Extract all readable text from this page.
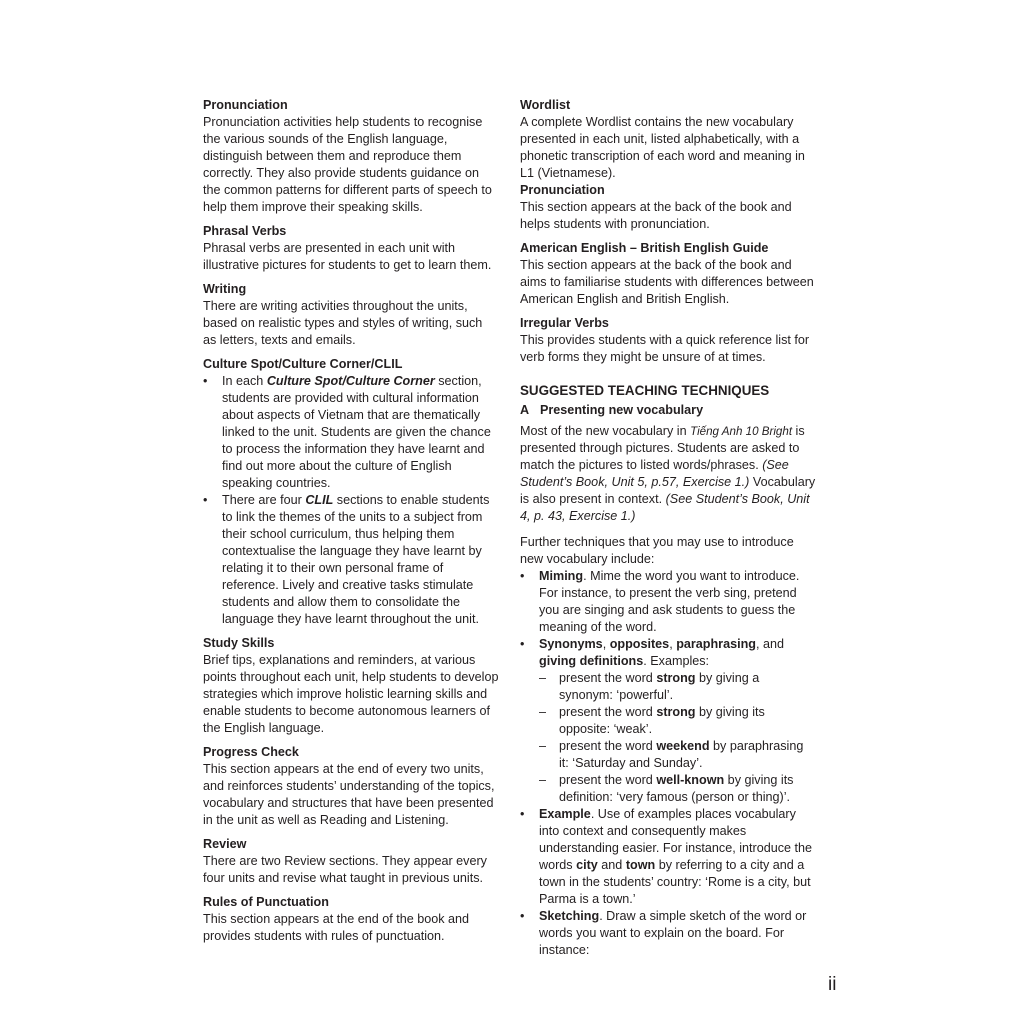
Pronunciation

Pronunciation activities help students to recognise the various sounds of the English language, distinguish between them and reproduce them correctly. They also provide students guidance on the common patterns for different parts of speech to help them improve their speaking skills.

Phrasal Verbs

Phrasal verbs are presented in each unit with illustrative pictures for students to get to learn them.

Writing

There are writing activities throughout the units, based on realistic types and styles of writing, such as letters, texts and emails.

Culture Spot/Culture Corner/CLIL

• In each Culture Spot/Culture Corner section, students are provided with cultural information about aspects of Vietnam that are thematically linked to the unit. Students are given the chance to process the information they have learnt and find out more about the culture of English speaking countries.
• There are four CLIL sections to enable students to link the themes of the units to a subject from their school curriculum, thus helping them contextualise the language they have learnt by relating it to their own personal frame of reference. Lively and creative tasks stimulate students and allow them to consolidate the language they have learnt throughout the unit.

Study Skills

Brief tips, explanations and reminders, at various points throughout each unit, help students to develop strategies which improve holistic learning skills and enable students to become autonomous learners of the English language.

Progress Check

This section appears at the end of every two units, and reinforces students’ understanding of the topics, vocabulary and structures that have been presented in the unit as well as Reading and Listening.

Review

There are two Review sections. They appear every four units and revise what taught in previous units.

Rules of Punctuation

This section appears at the end of the book and provides students with rules of punctuation.

Wordlist

A complete Wordlist contains the new vocabulary presented in each unit, listed alphabetically, with a phonetic transcription of each word and meaning in L1 (Vietnamese).

Pronunciation

This section appears at the back of the book and helps students with pronunciation.

American English – British English Guide

This section appears at the back of the book and aims to familiarise students with differences between American English and British English.

Irregular Verbs

This provides students with a quick reference list for verb forms they might be unsure of at times.

SUGGESTED TEACHING TECHNIQUES
A Presenting new vocabulary

Most of the new vocabulary in Tiếng Anh 10 Bright is presented through pictures. Students are asked to match the pictures to listed words/phrases. (See Student’s Book, Unit 5, p.57, Exercise 1.) Vocabulary is also present in context. (See Student’s Book, Unit 4, p. 43, Exercise 1.)

Further techniques that you may use to introduce new vocabulary include:

• Miming. Mime the word you want to introduce. For instance, to present the verb sing, pretend you are singing and ask students to guess the meaning of the word.
• Synonyms, opposites, paraphrasing, and giving definitions. Examples:
– present the word strong by giving a synonym: ‘powerful’.
– present the word strong by giving its opposite: ‘weak’.
– present the word weekend by paraphrasing it: ‘Saturday and Sunday’.
– present the word well-known by giving its definition: ‘very famous (person or thing)’.
• Example. Use of examples places vocabulary into context and consequently makes understanding easier. For instance, introduce the words city and town by referring to a city and a town in the students’ country: ‘Rome is a city, but Parma is a town.’
• Sketching. Draw a simple sketch of the word or words you want to explain on the board. For instance:
ii
